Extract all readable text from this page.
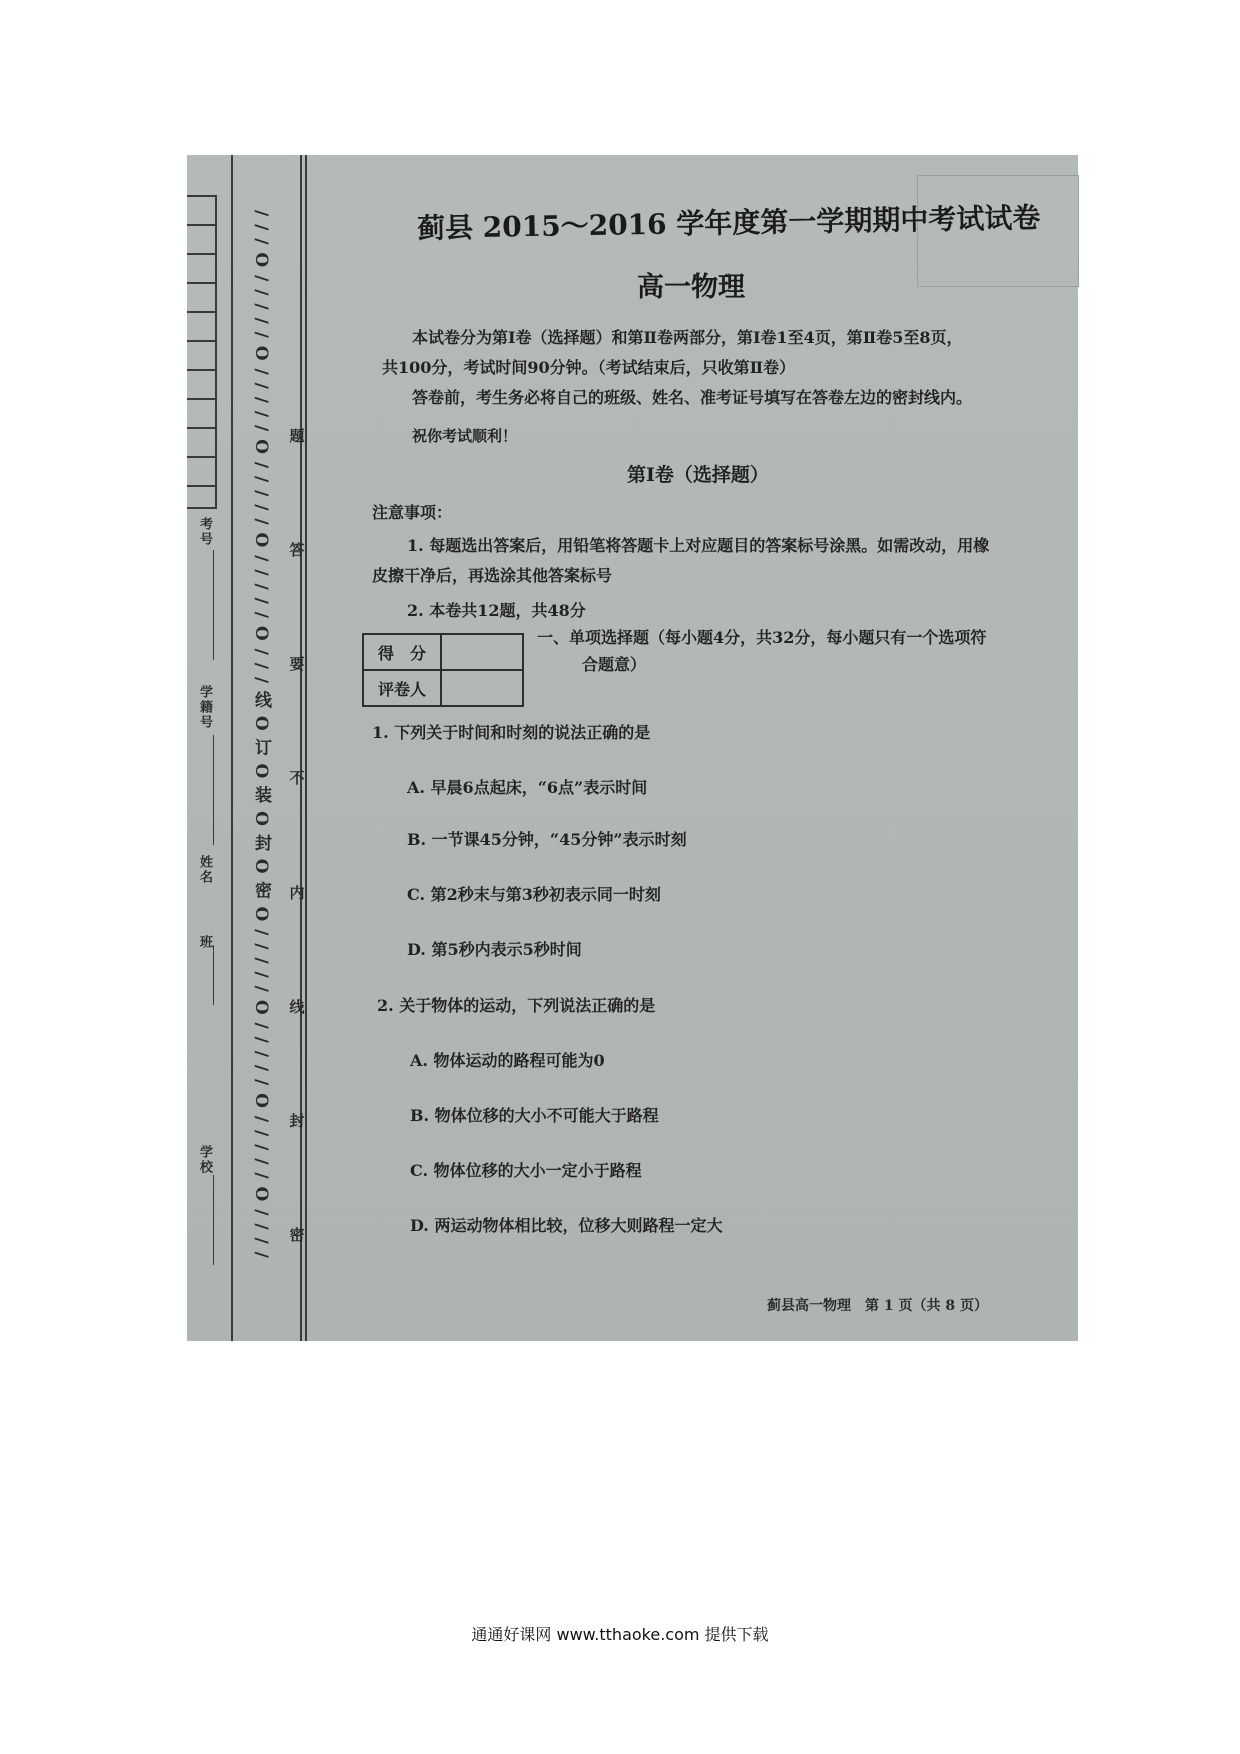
考号
学籍号
姓名
班
学校 / / / O / / / / / O / / / / / O / / / / / O / / / / / O / / / 线 O 订 O 装 O 封 O 密 O / / / / / O / / / / / O / / / / / O / / / / 题
答
要
不
内
线
封
密
蓟县 2015～2016 学年度第一学期期中考试试卷
高一物理
本试卷分为第Ⅰ卷（选择题）和第Ⅱ卷两部分，第Ⅰ卷1至4页，第Ⅱ卷5至8页，
共100分，考试时间90分钟。（考试结束后，只收第Ⅱ卷）
答卷前，考生务必将自己的班级、姓名、准考证号填写在答卷左边的密封线内。
祝你考试顺利！
第Ⅰ卷（选择题）
注意事项：
1. 每题选出答案后，用铅笔将答题卡上对应题目的答案标号涂黑。如需改动，用橡
皮擦干净后，再选涂其他答案标号
2. 本卷共12题，共48分
得　分	
评卷人	
一、单项选择题（每小题4分，共32分，每小题只有一个选项符
合题意）
1. 下列关于时间和时刻的说法正确的是
A. 早晨6点起床，“6点”表示时间
B. 一节课45分钟，“45分钟”表示时刻
C. 第2秒末与第3秒初表示同一时刻
D. 第5秒内表示5秒时间
2. 关于物体的运动，下列说法正确的是
A. 物体运动的路程可能为0
B. 物体位移的大小不可能大于路程
C. 物体位移的大小一定小于路程
D. 两运动物体相比较，位移大则路程一定大
蓟县高一物理　第 1 页（共 8 页）
通通好课网 www.tthaoke.com 提供下载
